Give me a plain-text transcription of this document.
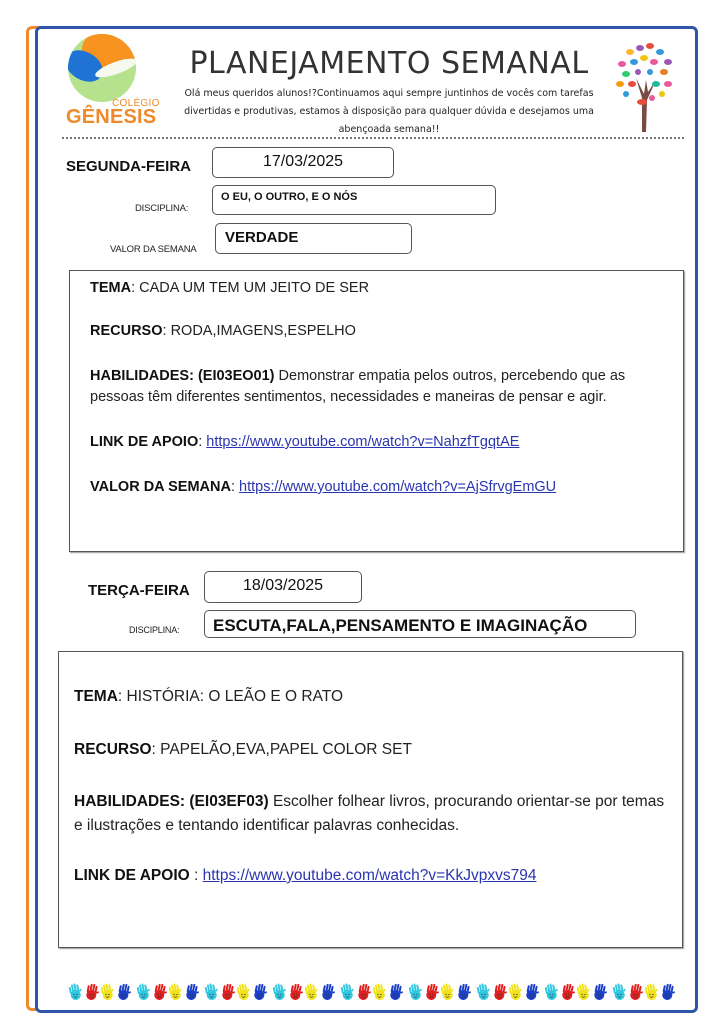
COLÉGIO
GÊNESIS
PLANEJAMENTO SEMANAL
Olá meus queridos alunos!?Continuamos aqui sempre juntinhos de vocês com tarefas
divertidas e produtivas, estamos à disposição para qualquer dúvida e desejamos uma
abençoada semana!!
SEGUNDA-FEIRA	17/03/2025
DISCIPLINA:
O EU, O OUTRO, E O NÓS
VALOR DA SEMANA
VERDADE

TEMA: CADA UM TEM UM JEITO DE SER

RECURSO: RODA,IMAGENS,ESPELHO

HABILIDADES: (EI03EO01) Demonstrar empatia pelos outros, percebendo que as pessoas têm diferentes sentimentos, necessidades e maneiras de pensar e agir.

LINK DE APOIO: https://www.youtube.com/watch?v=NahzfTgqtAE

VALOR DA SEMANA: https://www.youtube.com/watch?v=AjSfrvgEmGU

TERÇA-FEIRA	18/03/2025
DISCIPLINA:	ESCUTA,FALA,PENSAMENTO E IMAGINAÇÃO

TEMA: HISTÓRIA: O LEÃO E O RATO

RECURSO: PAPELÃO,EVA,PAPEL COLOR SET

HABILIDADES: (EI03EF03) Escolher folhear livros, procurando orientar-se por temas e ilustrações e tentando identificar palavras conhecidas.

LINK DE APOIO : https://www.youtube.com/watch?v=KkJvpxvs794
